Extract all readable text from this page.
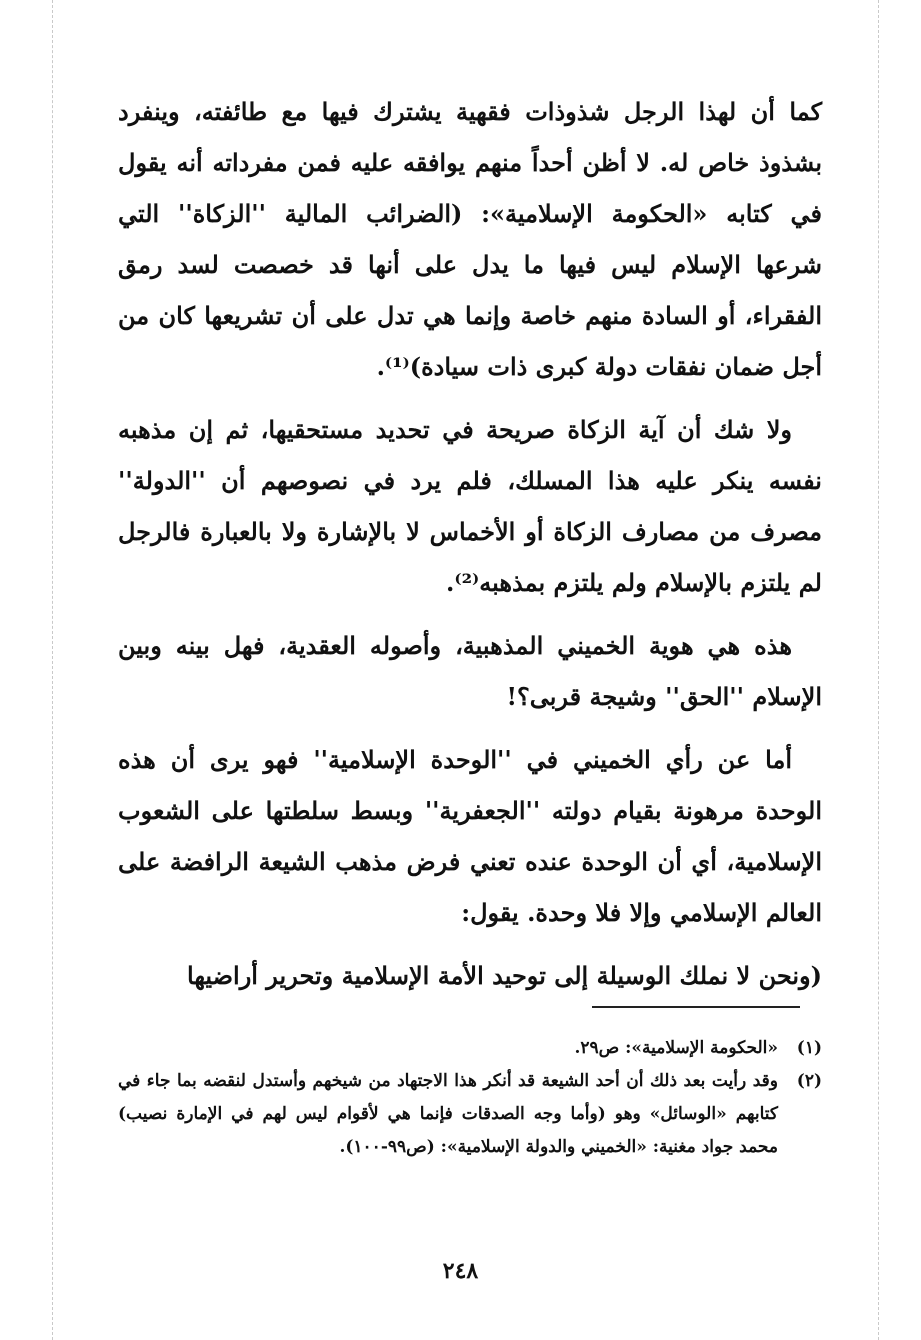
كما أن لهذا الرجل شذوذات فقهية يشترك فيها مع طائفته، وينفرد بشذوذ خاص له. لا أظن أحداً منهم يوافقه عليه فمن مفرداته أنه يقول في كتابه «الحكومة الإسلامية»: (الضرائب المالية ''الزكاة'' التي شرعها الإسلام ليس فيها ما يدل على أنها قد خصصت لسد رمق الفقراء، أو السادة منهم خاصة وإنما هي تدل على أن تشريعها كان من أجل ضمان نفقات دولة كبرى ذات سيادة)⁽¹⁾.

ولا شك أن آية الزكاة صريحة في تحديد مستحقيها، ثم إن مذهبه نفسه ينكر عليه هذا المسلك، فلم يرد في نصوصهم أن ''الدولة'' مصرف من مصارف الزكاة أو الأخماس لا بالإشارة ولا بالعبارة فالرجل لم يلتزم بالإسلام ولم يلتزم بمذهبه⁽²⁾.

هذه هي هوية الخميني المذهبية، وأصوله العقدية، فهل بينه وبين الإسلام ''الحق'' وشيجة قربى؟!

أما عن رأي الخميني في ''الوحدة الإسلامية'' فهو يرى أن هذه الوحدة مرهونة بقيام دولته ''الجعفرية'' وبسط سلطتها على الشعوب الإسلامية، أي أن الوحدة عنده تعني فرض مذهب الشيعة الرافضة على العالم الإسلامي وإلا فلا وحدة. يقول:

(ونحن لا نملك الوسيلة إلى توحيد الأمة الإسلامية وتحرير أراضيها

(١)
«الحكومة الإسلامية»: ص٢٩.
(٢)
وقد رأيت بعد ذلك أن أحد الشيعة قد أنكر هذا الاجتهاد من شيخهم وأستدل لنقضه بما جاء في كتابهم «الوسائل» وهو (وأما وجه الصدقات فإنما هي لأقوام ليس لهم في الإمارة نصيب) محمد جواد مغنية: «الخميني والدولة الإسلامية»: (ص٩٩-١٠٠).
٢٤٨
